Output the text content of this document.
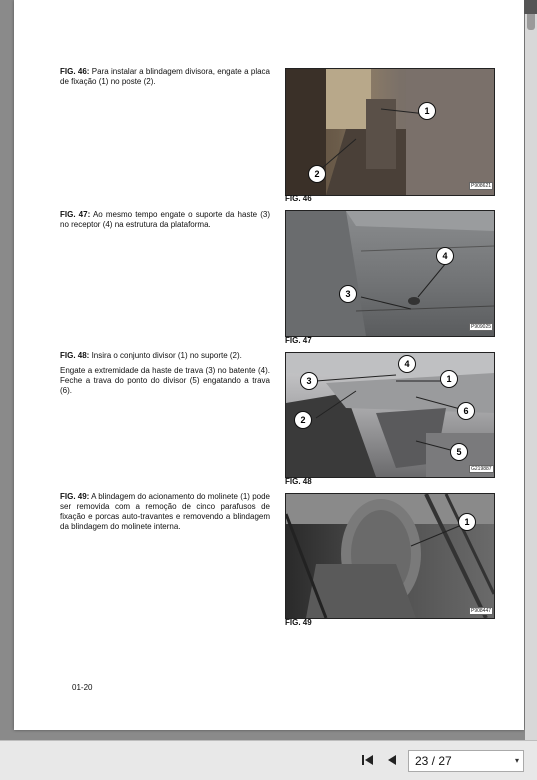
FIG. 46: Para instalar a blindagem divisora, engate a placa de fixação (1) no poste (2).
1
2
P908621
FIG. 46
FIG. 47: Ao mesmo tempo engate o suporte da haste (3) no receptor (4) na estrutura da plataforma.
4
3
P909025
FIG. 47
FIG. 48: Insira o conjunto divisor (1) no suporte (2).
Engate a extremidade da haste de trava (3) no batente (4). Feche a trava do ponto do divisor (5) engatando a trava (6).
4
3	1
6
2
5
G219887
FIG. 48
FIG. 49: A blindagem do acionamento do molinete (1) pode ser removida com a remoção de cinco parafusos de fixação e porcas auto-travantes e removendo a blindagem da blindagem do molinete interna.	1
P908447
FIG. 49
01-20
23 / 27	▾
